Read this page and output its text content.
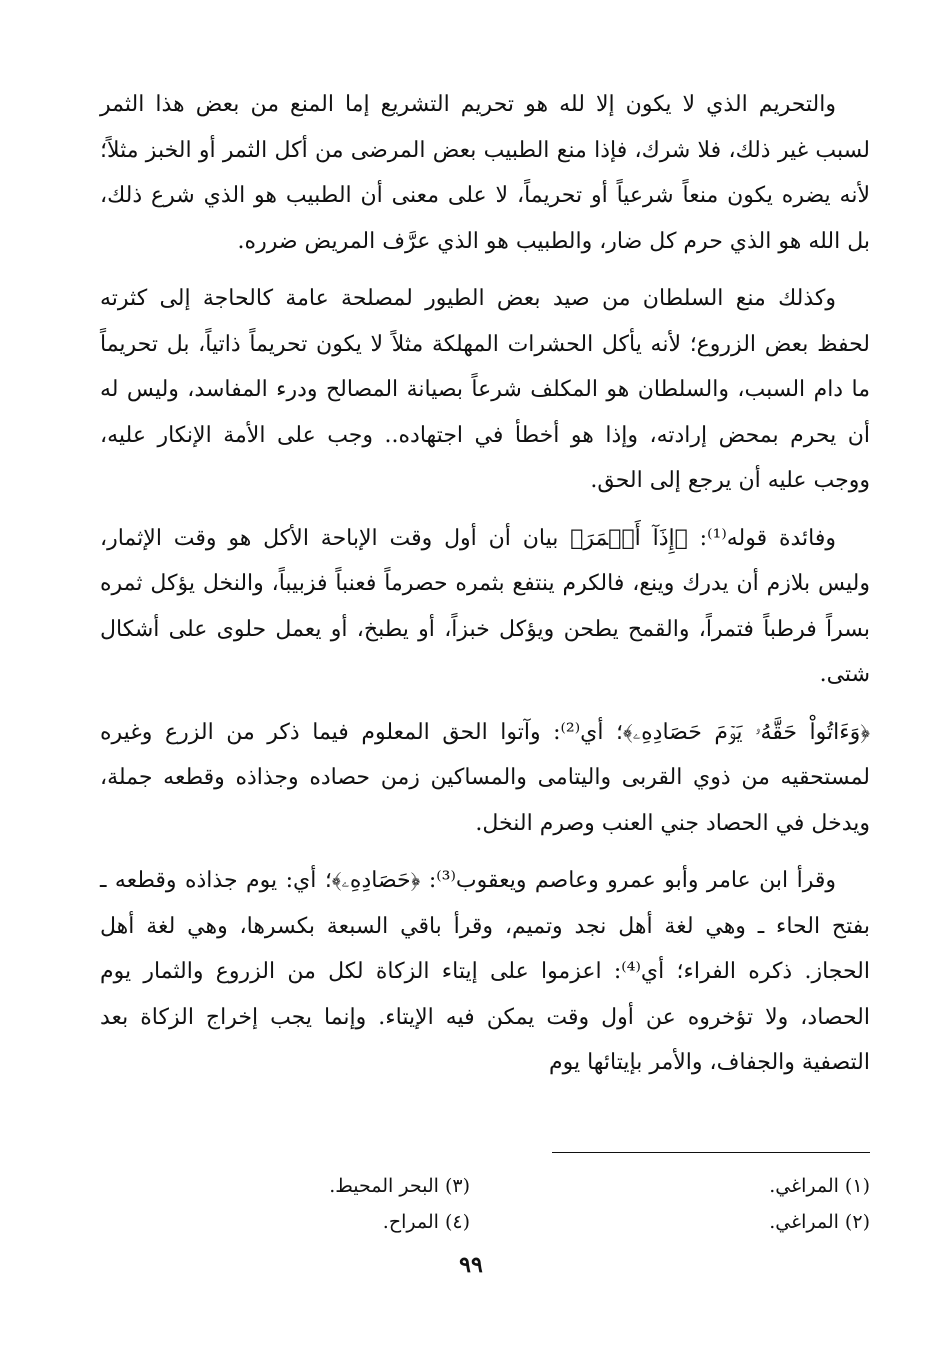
والتحريم الذي لا يكون إلا لله هو تحريم التشريع إما المنع من بعض هذا الثمر لسبب غير ذلك، فلا شرك، فإذا منع الطبيب بعض المرضى من أكل الثمر أو الخبز مثلاً؛ لأنه يضره يكون منعاً شرعياً أو تحريماً، لا على معنى أن الطبيب هو الذي شرع ذلك، بل الله هو الذي حرم كل ضار، والطبيب هو الذي عرَّف المريض ضرره.

وكذلك منع السلطان من صيد بعض الطيور لمصلحة عامة كالحاجة إلى كثرته لحفظ بعض الزروع؛ لأنه يأكل الحشرات المهلكة مثلاً لا يكون تحريماً ذاتياً، بل تحريماً ما دام السبب، والسلطان هو المكلف شرعاً بصيانة المصالح ودرء المفاسد، وليس له أن يحرم بمحض إرادته، وإذا هو أخطأ في اجتهاده.. وجب على الأمة الإنكار عليه، ووجب عليه أن يرجع إلى الحق.

وفائدة قوله⁽¹⁾: ﴿إِذَآ أَثۡمَرَ﴾ بيان أن أول وقت الإباحة الأكل هو وقت الإثمار، وليس بلازم أن يدرك وينع، فالكرم ينتفع بثمره حصرماً فعنباً فزبيباً، والنخل يؤكل ثمره بسراً فرطباً فتمراً، والقمح يطحن ويؤكل خبزاً، أو يطبخ، أو يعمل حلوى على أشكال شتى.

﴿وَءَاتُواْ حَقَّهُۥ يَوۡمَ حَصَادِهِۦ﴾؛ أي⁽²⁾: وآتوا الحق المعلوم فيما ذكر من الزرع وغيره لمستحقيه من ذوي القربى واليتامى والمساكين زمن حصاده وجذاذه وقطعه جملة، ويدخل في الحصاد جني العنب وصرم النخل.

وقرأ ابن عامر وأبو عمرو وعاصم ويعقوب⁽³⁾: ﴿حَصَادِهِۦ﴾؛ أي: يوم جذاذه وقطعه ـ بفتح الحاء ـ وهي لغة أهل نجد وتميم، وقرأ باقي السبعة بكسرها، وهي لغة أهل الحجاز. ذكره الفراء؛ أي⁽⁴⁾: اعزموا على إيتاء الزكاة لكل من الزروع والثمار يوم الحصاد، ولا تؤخروه عن أول وقت يمكن فيه الإيتاء. وإنما يجب إخراج الزكاة بعد التصفية والجفاف، والأمر بإيتائها يوم

(١) المراغي.
(٢) المراغي.
(٣) البحر المحيط.
(٤) المراح.
٩٩
